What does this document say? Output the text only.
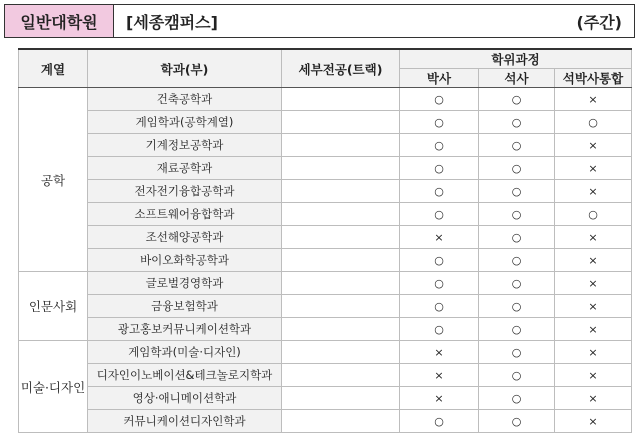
일반대학원	[세종캠퍼스]	(주간)
계열	학과(부)	세부전공(트랙)	학위과정		
			박사	석사	석박사통합
공학	건축공학과		○	○	×
	게임학과(공학계열)		○	○	○
	기계정보공학과		○	○	×
	재료공학과		○	○	×
	전자전기융합공학과		○	○	×
	소프트웨어융합학과		○	○	○
	조선해양공학과		×	○	×
	바이오화학공학과		○	○	×
인문사회	글로벌경영학과		○	○	×
	금융보험학과		○	○	×
	광고홍보커뮤니케이션학과		○	○	×
미술·디자인	게임학과(미술·디자인)		×	○	×
	디자인이노베이션&테크놀로지학과		×	○	×
	영상·애니메이션학과		×	○	×
	커뮤니케이션디자인학과		○	○	×
